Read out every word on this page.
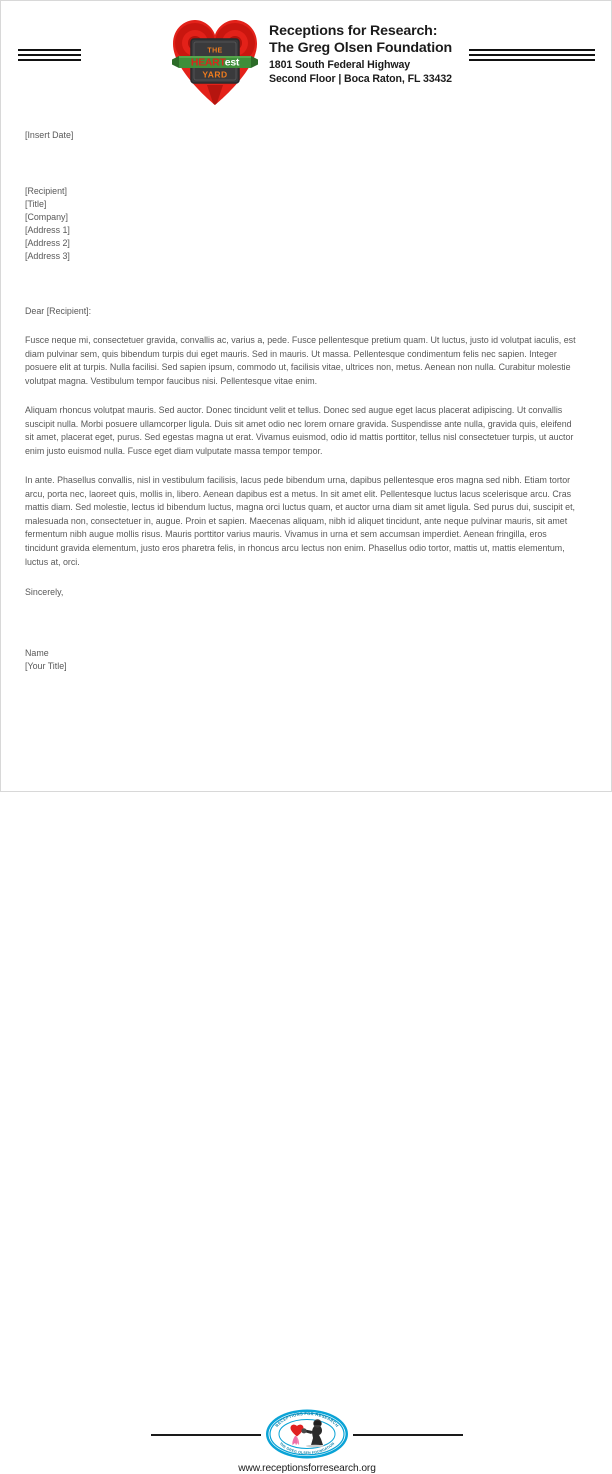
THE
HEARTest
YARD
Receptions for Research:
The Greg Olsen Foundation
1801 South Federal Highway
Second Floor | Boca Raton, FL 33432
[Insert Date]
[Recipient]
[Title]
[Company]
[Address 1]
[Address 2]
[Address 3]
Dear [Recipient]:
Fusce neque mi, consectetuer gravida, convallis ac, varius a, pede. Fusce pellentesque pretium quam. Ut luctus, justo id volutpat iaculis, est diam pulvinar sem, quis bibendum turpis dui eget mauris. Sed in mauris. Ut massa. Pellentesque condimentum felis nec sapien. Integer posuere elit at turpis. Nulla facilisi. Sed sapien ipsum, commodo ut, facilisis vitae, ultrices non, metus. Aenean non nulla. Curabitur molestie volutpat magna. Vestibulum tempor faucibus nisi. Pellentesque vitae enim.
Aliquam rhoncus volutpat mauris. Sed auctor. Donec tincidunt velit et tellus. Donec sed augue eget lacus placerat adipiscing. Ut convallis suscipit nulla. Morbi posuere ullamcorper ligula. Duis sit amet odio nec lorem ornare gravida. Suspendisse ante nulla, gravida quis, eleifend sit amet, placerat eget, purus. Sed egestas magna ut erat. Vivamus euismod, odio id mattis porttitor, tellus nisl consectetuer turpis, ut auctor enim justo euismod nulla. Fusce eget diam vulputate massa tempor tempor.
In ante. Phasellus convallis, nisl in vestibulum facilisis, lacus pede bibendum urna, dapibus pellentesque eros magna sed nibh. Etiam tortor arcu, porta nec, laoreet quis, mollis in, libero. Aenean dapibus est a metus. In sit amet elit. Pellentesque luctus lacus scelerisque arcu. Cras mattis diam. Sed molestie, lectus id bibendum luctus, magna orci luctus quam, et auctor urna diam sit amet ligula. Sed purus dui, suscipit et, malesuada non, consectetuer in, augue. Proin et sapien. Maecenas aliquam, nibh id aliquet tincidunt, ante neque pulvinar mauris, sit amet fermentum nibh augue mollis risus. Mauris porttitor varius mauris. Vivamus in urna et sem accumsan imperdiet. Aenean fringilla, eros tincidunt gravida elementum, justo eros pharetra felis, in rhoncus arcu lectus non enim. Phasellus odio tortor, mattis ut, mattis elementum, luctus at, orci.
Sincerely,
Name
[Your Title]
RECEPTIONS FOR RESEARCH
THE GREG OLSEN FOUNDATION
www.receptionsforresearch.org
